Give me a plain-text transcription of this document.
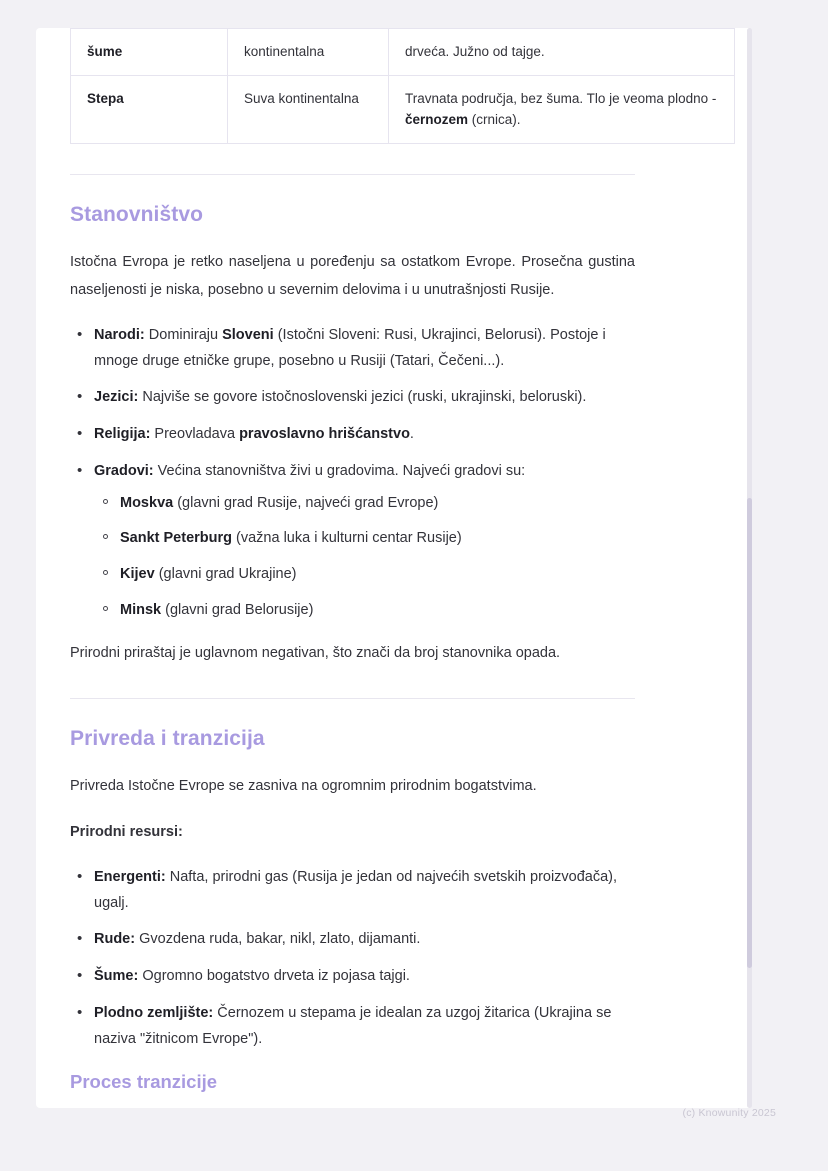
šume	kontinentalna	drveća. Južno od tajge.
Stepa	Suva kontinentalna	Travnata područja, bez šuma. Tlo je veoma plodno - černozem (crnica).
Stanovništvo

Istočna Evropa je retko naseljena u poređenju sa ostatkom Evrope. Prosečna gustina naseljenosti je niska, posebno u severnim delovima i u unutrašnjosti Rusije.

• Narodi: Dominiraju Sloveni (Istočni Sloveni: Rusi, Ukrajinci, Belorusi). Postoje i mnoge druge etničke grupe, posebno u Rusiji (Tatari, Čečeni...).
• Jezici: Najviše se govore istočnoslovenski jezici (ruski, ukrajinski, beloruski).
• Religija: Preovladava pravoslavno hrišćanstvo.
• Gradovi: Većina stanovništva živi u gradovima. Najveći gradovi su:
Moskva (glavni grad Rusije, najveći grad Evrope)
Sankt Peterburg (važna luka i kulturni centar Rusije)
Kijev (glavni grad Ukrajine)
Minsk (glavni grad Belorusije)

Prirodni priraštaj je uglavnom negativan, što znači da broj stanovnika opada.

Privreda i tranzicija

Privreda Istočne Evrope se zasniva na ogromnim prirodnim bogatstvima.

Prirodni resursi:

• Energenti: Nafta, prirodni gas (Rusija je jedan od najvećih svetskih proizvođača), ugalj.
• Rude: Gvozdena ruda, bakar, nikl, zlato, dijamanti.
• Šume: Ogromno bogatstvo drveta iz pojasa tajgi.
• Plodno zemljište: Černozem u stepama je idealan za uzgoj žitarica (Ukrajina se naziva "žitnicom Evrope").
Proces tranzicije
(c) Knowunity 2025
